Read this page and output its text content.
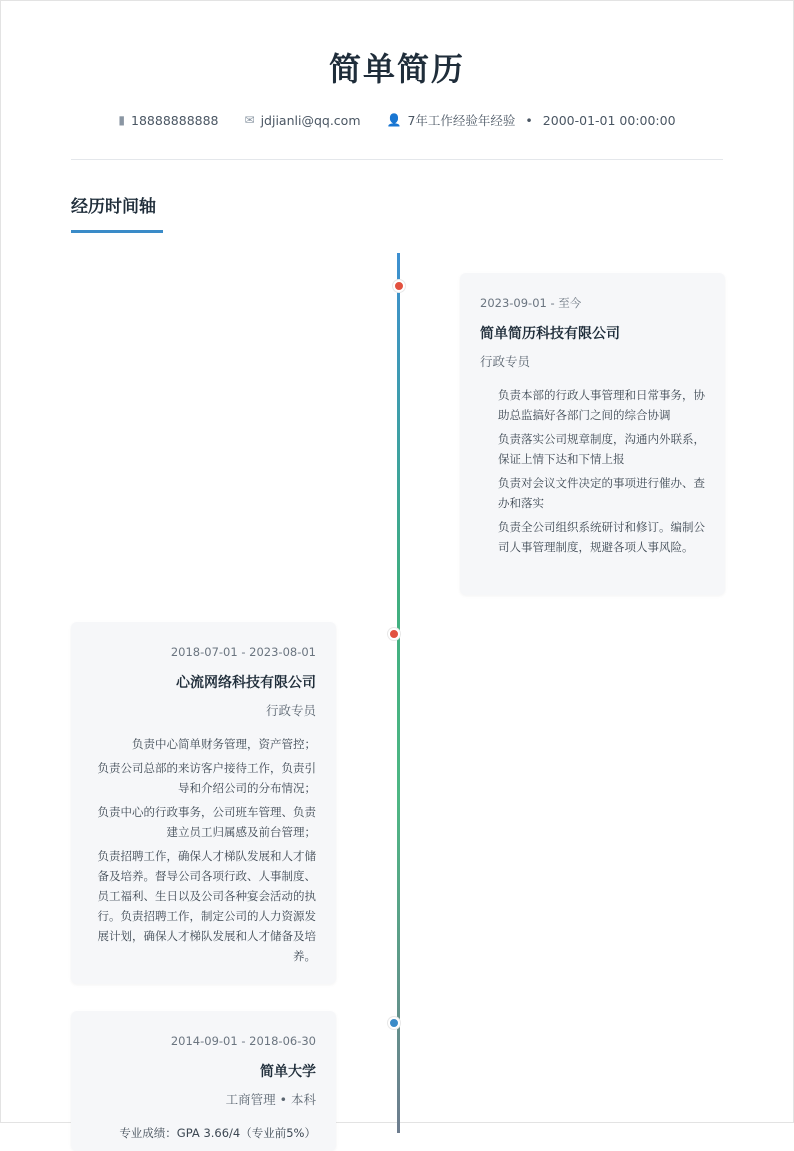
简单简历
▮ 18888888888 ✉ jdjianli@qq.com 👤 7年工作经验年经验 • 2000-01-01 00:00:00
经历时间轴
2023-09-01 - 至今
简单简历科技有限公司
行政专员
负责本部的行政人事管理和日常事务，协助总监搞好各部门之间的综合协调
负责落实公司规章制度，沟通内外联系，保证上情下达和下情上报
负责对会议文件决定的事项进行催办、查办和落实
负责全公司组织系统研讨和修订。编制公司人事管理制度，规避各项人事风险。
2018-07-01 - 2023-08-01
心流网络科技有限公司
行政专员
负责中心简单财务管理，资产管控；
负责公司总部的来访客户接待工作，负责引导和介绍公司的分布情况；
负责中心的行政事务，公司班车管理、负责建立员工归属感及前台管理；
负责招聘工作，确保人才梯队发展和人才储备及培养。督导公司各项行政、人事制度、员工福利、生日以及公司各种宴会活动的执行。负责招聘工作，制定公司的人力资源发展计划，确保人才梯队发展和人才储备及培养。
2014-09-01 - 2018-06-30
简单大学
工商管理 • 本科
专业成绩：GPA 3.66/4（专业前5%）
